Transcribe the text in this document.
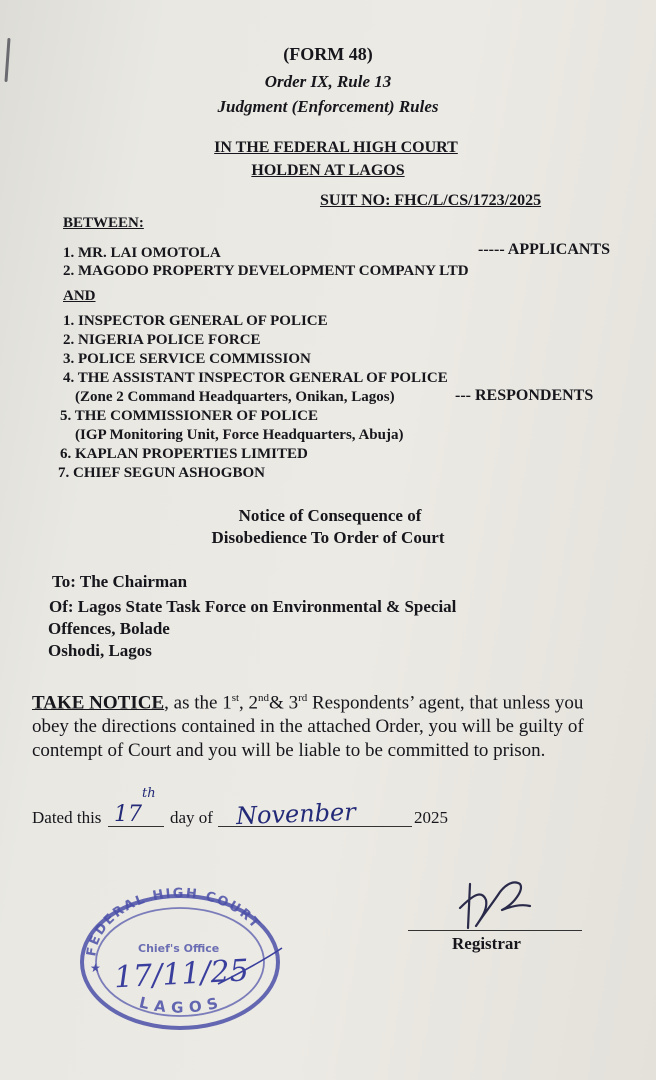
(FORM 48)
Order IX, Rule 13
Judgment (Enforcement) Rules
IN THE FEDERAL HIGH COURT
HOLDEN AT LAGOS
SUIT NO: FHC/L/CS/1723/2025
BETWEEN:
1. MR. LAI OMOTOLA	----- APPLICANTS
2. MAGODO PROPERTY DEVELOPMENT COMPANY LTD
AND
1. INSPECTOR GENERAL OF POLICE
2. NIGERIA POLICE FORCE
3. POLICE SERVICE COMMISSION
4. THE ASSISTANT INSPECTOR GENERAL OF POLICE
(Zone 2 Command Headquarters, Onikan, Lagos)	--- RESPONDENTS
5. THE COMMISSIONER OF POLICE
(IGP Monitoring Unit, Force Headquarters, Abuja)
6. KAPLAN PROPERTIES LIMITED
7. CHIEF SEGUN ASHOGBON
Notice of Consequence of
Disobedience To Order of Court
To: The Chairman
Of: Lagos State Task Force on Environmental & Special
Offences, Bolade
Oshodi, Lagos
TAKE NOTICE, as the 1st, 2nd& 3rd Respondents’ agent, that unless you obey the directions contained in the attached Order, you will be guilty of contempt of Court and you will be liable to be committed to prison.
Dated this 17
th
day of Novenber	2025
Registrar
FEDERAL HIGH COURT
Chief's Office
LAGOS
★ 17/11/25
